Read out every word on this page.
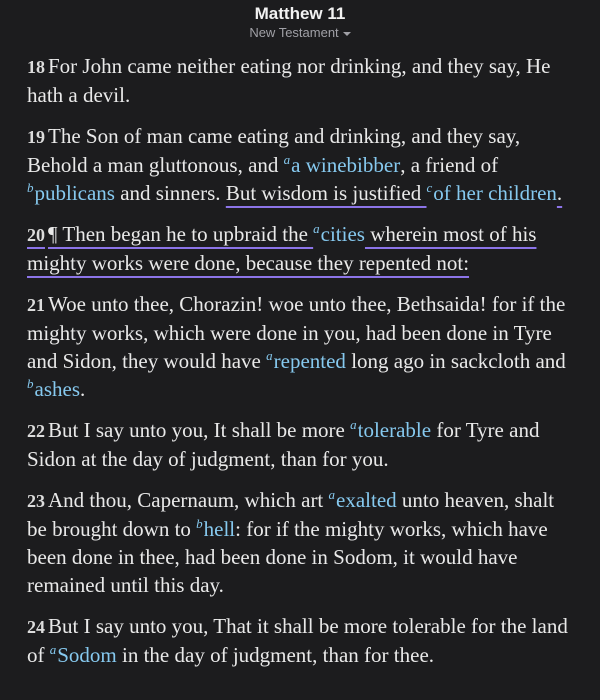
Matthew 11
New Testament

18 For John came neither eating nor drinking, and they say, He hath a devil.

19 The Son of man came eating and drinking, and they say, Behold a man gluttonous, and $^a$a winebibber, a friend of $^b$publicans and sinners. But wisdom is justified $^c$of her children.

20 ¶ Then began he to upbraid the $^a$cities wherein most of his mighty works were done, because they repented not:

21 Woe unto thee, Chorazin! woe unto thee, Bethsaida! for if the mighty works, which were done in you, had been done in Tyre and Sidon, they would have $^a$repented long ago in sackcloth and $^b$ashes.

22 But I say unto you, It shall be more $^a$tolerable for Tyre and Sidon at the day of judgment, than for you.

23 And thou, Capernaum, which art $^a$exalted unto heaven, shalt be brought down to $^b$hell: for if the mighty works, which have been done in thee, had been done in Sodom, it would have remained until this day.

24 But I say unto you, That it shall be more tolerable for the land of $^a$Sodom in the day of judgment, than for thee.
